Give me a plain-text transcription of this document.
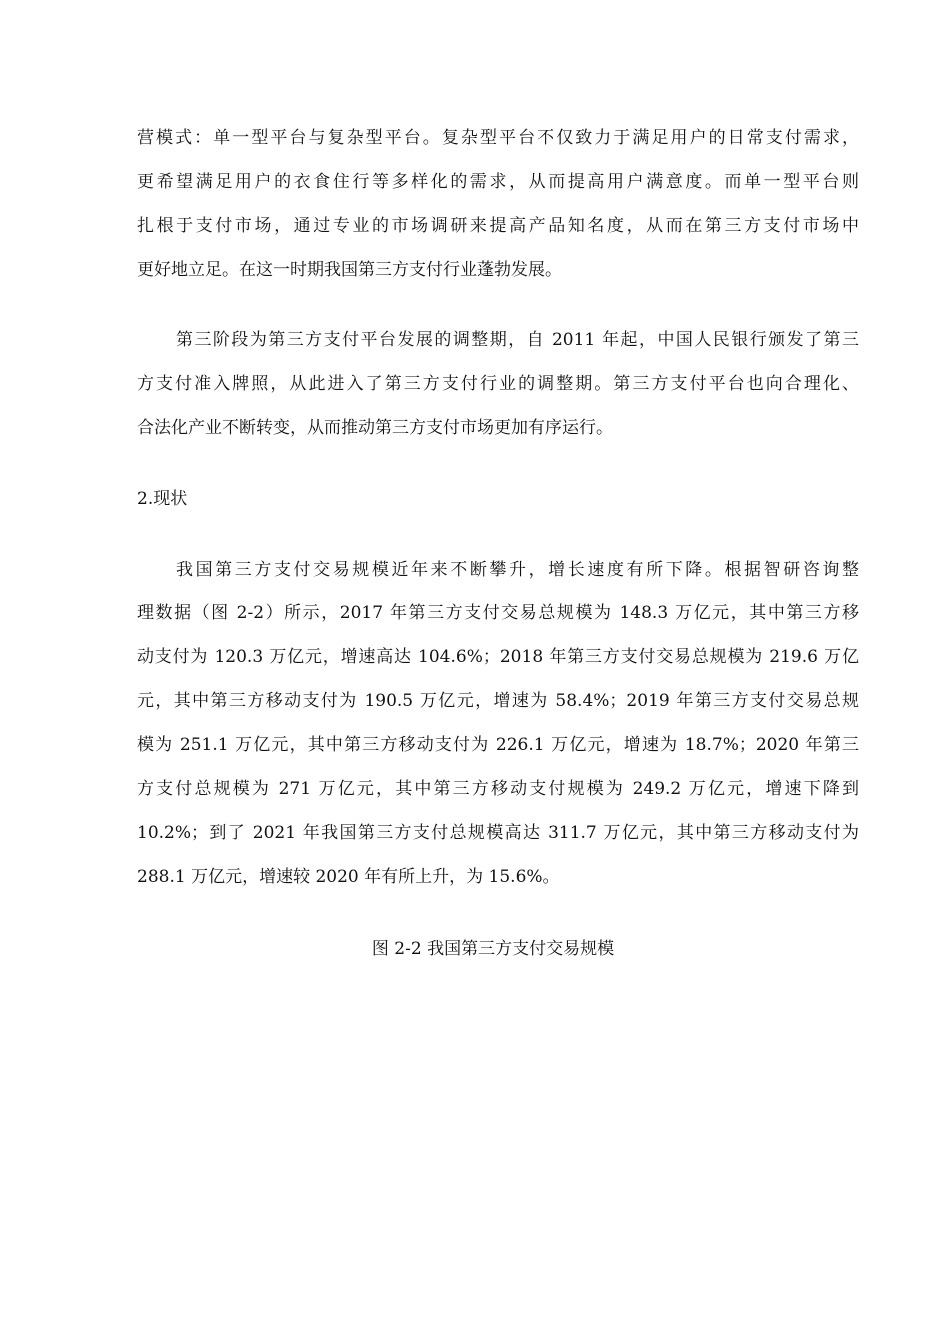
营模式：单一型平台与复杂型平台。复杂型平台不仅致力于满足用户的日常支付需求，
更希望满足用户的衣食住行等多样化的需求，从而提高用户满意度。而单一型平台则
扎根于支付市场，通过专业的市场调研来提高产品知名度，从而在第三方支付市场中
更好地立足。在这一时期我国第三方支付行业蓬勃发展。
第三阶段为第三方支付平台发展的调整期，自 2011 年起，中国人民银行颁发了第三
方支付准入牌照，从此进入了第三方支付行业的调整期。第三方支付平台也向合理化、
合法化产业不断转变，从而推动第三方支付市场更加有序运行。
2.现状
我国第三方支付交易规模近年来不断攀升，增长速度有所下降。根据智研咨询整
理数据（图 2-2）所示，2017 年第三方支付交易总规模为 148.3 万亿元，其中第三方移
动支付为 120.3 万亿元，增速高达 104.6%；2018 年第三方支付交易总规模为 219.6 万亿
元，其中第三方移动支付为 190.5 万亿元，增速为 58.4%；2019 年第三方支付交易总规
模为 251.1 万亿元，其中第三方移动支付为 226.1 万亿元，增速为 18.7%；2020 年第三
方支付总规模为 271 万亿元，其中第三方移动支付规模为 249.2 万亿元，增速下降到
10.2%；到了 2021 年我国第三方支付总规模高达 311.7 万亿元，其中第三方移动支付为
288.1 万亿元，增速较 2020 年有所上升，为 15.6%。
图 2-2 我国第三方支付交易规模
